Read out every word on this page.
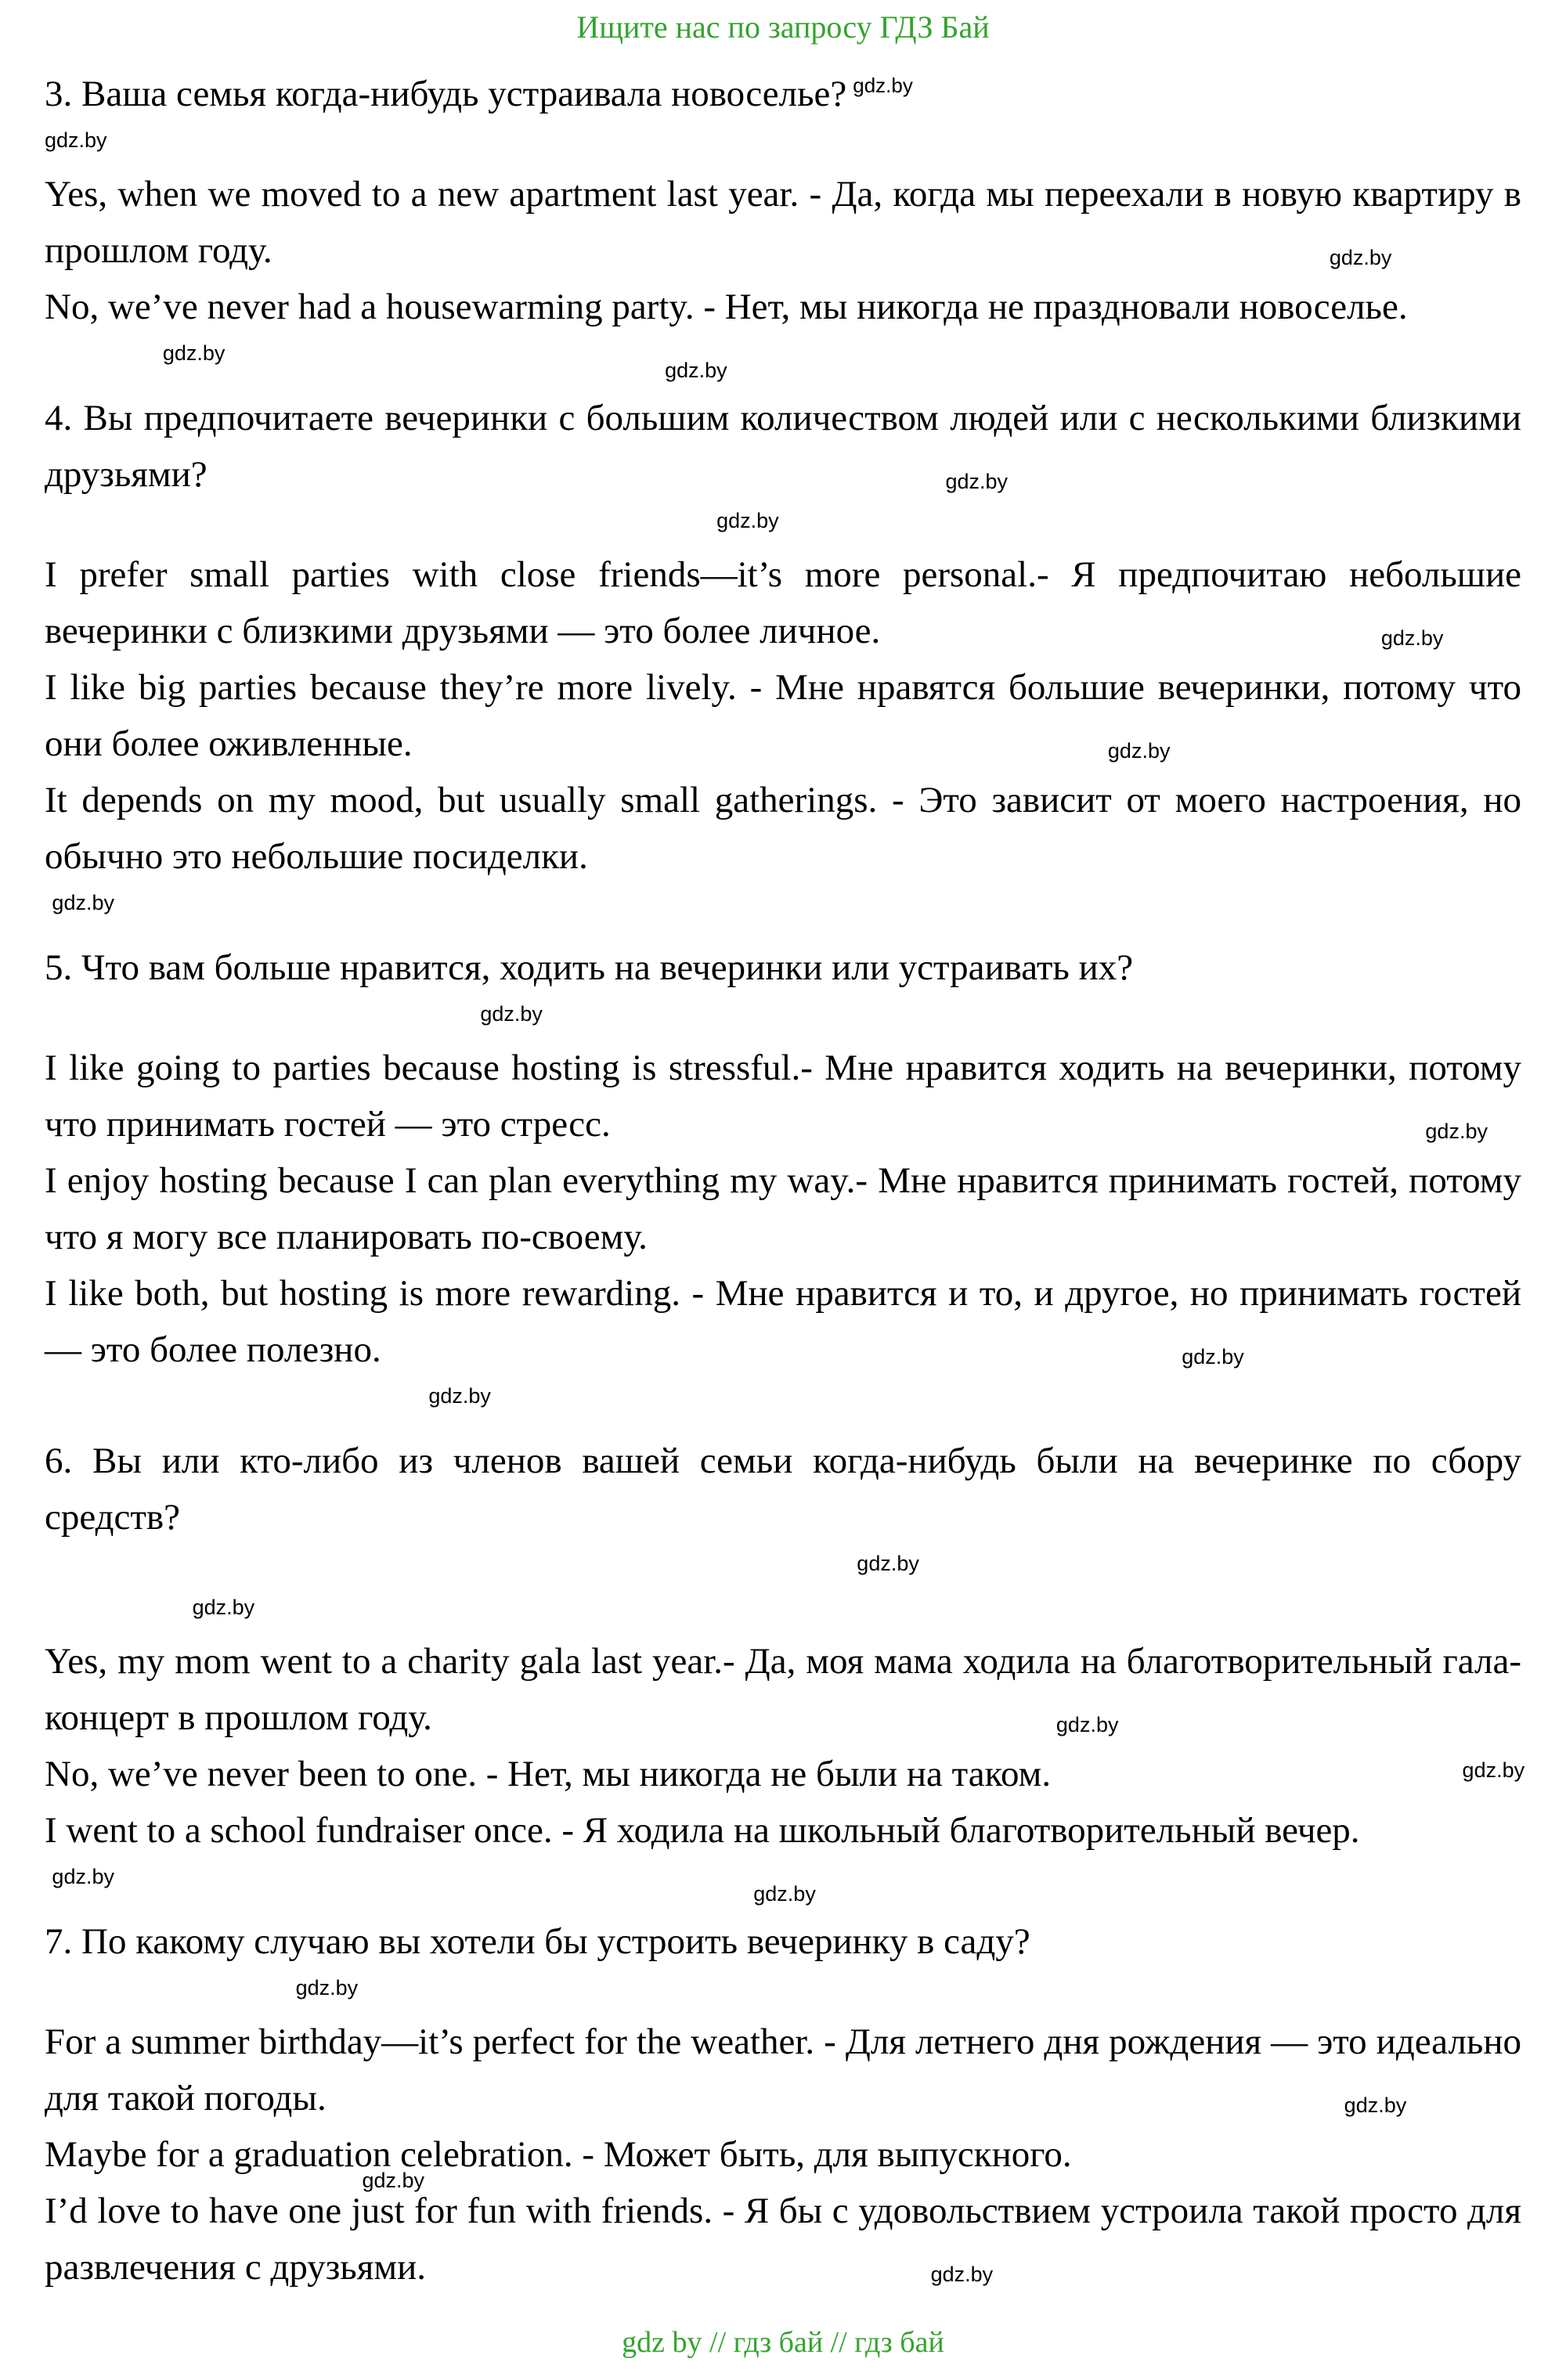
Ищите нас по запросу ГДЗ Бай

3. Ваша семья когда-нибудь устраивала новоселье? $^{gdz.by}$

gdz.by

Yes, when we moved to a new apartment last year. - Да, когда мы переехали в новую квартиру в прошлом году.	gdz.by

No, we’ve never had a housewarming party. - Нет, мы никогда не праздновали новоселье.
gdz.by

gdz.by

4. Вы предпочитаете вечеринки с большим количеством людей или с несколькими близкими друзьями?	gdz.by

gdz.by

I prefer small parties with close friends—it’s more personal.- Я предпочитаю небольшие вечеринки с близкими друзьями — это более личное.	gdz.by

I like big parties because they’re more lively. - Мне нравятся большие вечеринки, потому что они более оживленные.	gdz.by

It depends on my mood, but usually small gatherings. - Это зависит от моего настроения, но обычно это небольшие посиделки.

gdz.by

5. Что вам больше нравится, ходить на вечеринки или устраивать их?

gdz.by

I like going to parties because hosting is stressful.- Мне нравится ходить на вечеринки, потому что принимать гостей — это стресс.	gdz.by

I enjoy hosting because I can plan everything my way.- Мне нравится принимать гостей, потому что я могу все планировать по-своему.

I like both, but hosting is more rewarding. - Мне нравится и то, и другое, но принимать гостей — это более полезно.	gdz.by

gdz.by

6. Вы или кто-либо из членов вашей семьи когда-нибудь были на вечеринке по сбору средств?

gdz.by
gdz.by

Yes, my mom went to a charity gala last year.- Да, моя мама ходила на благотворительный гала-концерт в прошлом году.	gdz.by

No, we’ve never been to one. - Нет, мы никогда не были на таком.	gdz.by

I went to a school fundraiser once. - Я ходила на школьный благотворительный вечер.
gdz.by

gdz.by

7. По какому случаю вы хотели бы устроить вечеринку в саду?

gdz.by

For a summer birthday—it’s perfect for the weather. - Для летнего дня рождения — это идеально для такой погоды.	gdz.by

Maybe for a graduation celebration. - Может быть, для выпускного.

I’d love to have one just for fun with friends. - Я бы с удовольствием устроила такой просто для развлечения с друзьями.
gdz.by
gdz.by

gdz by // гдз бай // гдз бай
